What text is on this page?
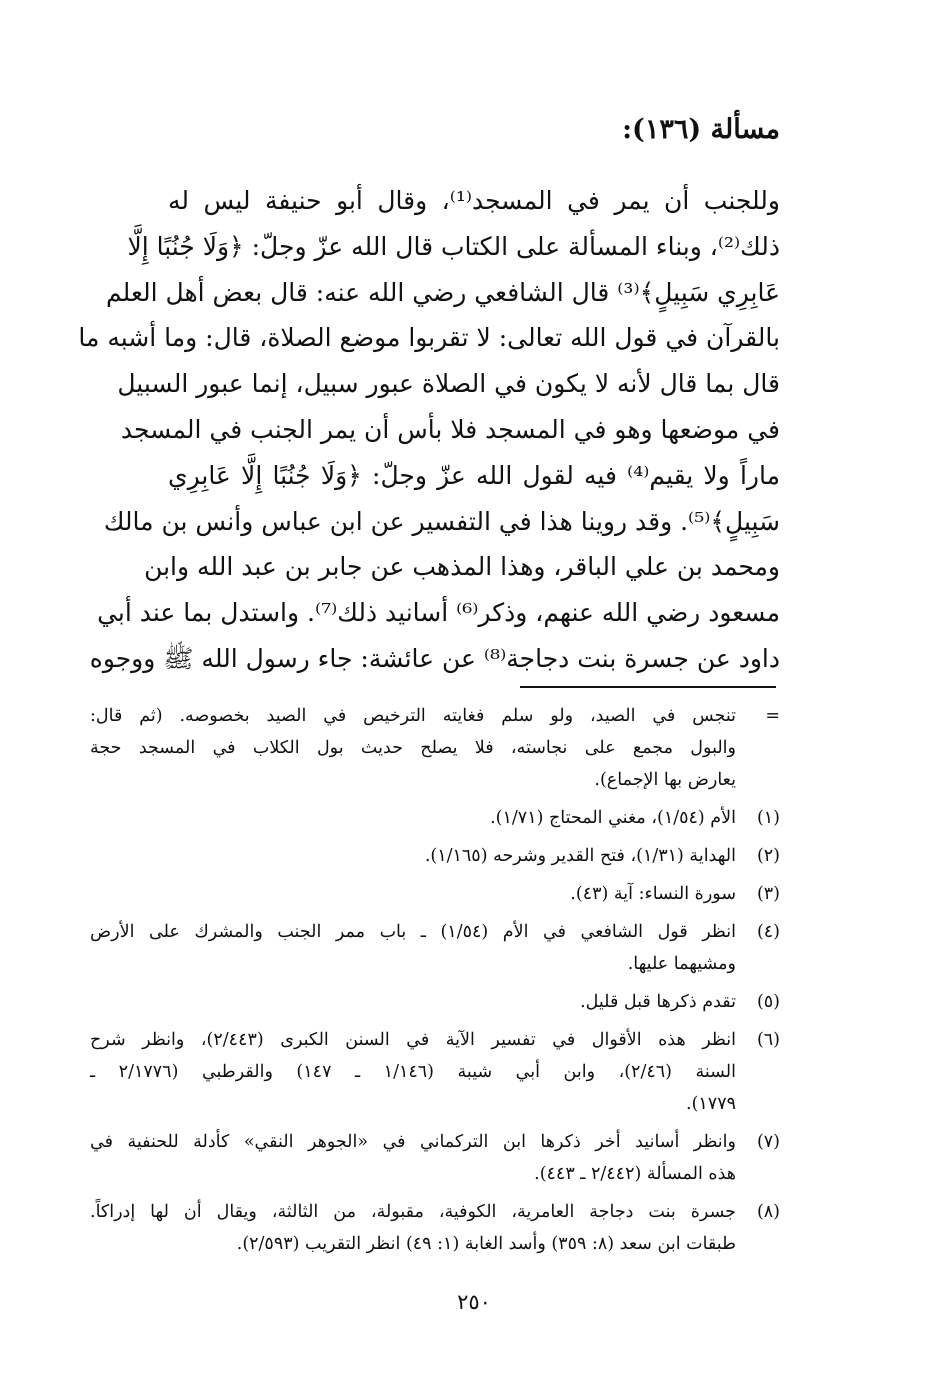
مسألة (١٣٦):
وللجنب أن يمر في المسجد⁽¹⁾، وقال أبو حنيفة ليس له
ذلك⁽²⁾، وبناء المسألة على الكتاب قال الله عزّ وجلّ: ﴿وَلَا جُنُبًا إِلَّا
عَابِرِي سَبِيلٍ﴾⁽³⁾ قال الشافعي رضي الله عنه: قال بعض أهل العلم
بالقرآن في قول الله تعالى: لا تقربوا موضع الصلاة، قال: وما أشبه ما
قال بما قال لأنه لا يكون في الصلاة عبور سبيل، إنما عبور السبيل
في موضعها وهو في المسجد فلا بأس أن يمر الجنب في المسجد
ماراً ولا يقيم⁽⁴⁾ فيه لقول الله عزّ وجلّ: ﴿وَلَا جُنُبًا إِلَّا عَابِرِي
سَبِيلٍ﴾⁽⁵⁾. وقد روينا هذا في التفسير عن ابن عباس وأنس بن مالك
ومحمد بن علي الباقر، وهذا المذهب عن جابر بن عبد الله وابن
مسعود رضي الله عنهم، وذكر⁽⁶⁾ أسانيد ذلك⁽⁷⁾. واستدل بما عند أبي
داود عن جسرة بنت دجاجة⁽⁸⁾ عن عائشة: جاء رسول الله ﷺ ووجوه
=
تنجس في الصيد، ولو سلم فغايته الترخيص في الصيد بخصوصه. (ثم قال:
والبول مجمع على نجاسته، فلا يصلح حديث بول الكلاب في المسجد حجة
يعارض بها الإجماع).
(١)
الأم (١/٥٤)، مغني المحتاج (١/٧١).
(٢)
الهداية (١/٣١)، فتح القدير وشرحه (١/١٦٥).
(٣)
سورة النساء: آية (٤٣).
(٤)
انظر قول الشافعي في الأم (١/٥٤) ـ باب ممر الجنب والمشرك على الأرض
ومشيهما عليها.
(٥)
تقدم ذكرها قبل قليل.
(٦)
انظر هذه الأقوال في تفسير الآية في السنن الكبرى (٢/٤٤٣)، وانظر شرح
السنة (٢/٤٦)، وابن أبي شيبة (١/١٤٦ ـ ١٤٧) والقرطبي (٢/١٧٧٦ ـ
١٧٧٩).
(٧)
وانظر أسانيد أخر ذكرها ابن التركماني في «الجوهر النقي» كأدلة للحنفية في
هذه المسألة (٢/٤٤٢ ـ ٤٤٣).
(٨)
جسرة بنت دجاجة العامرية، الكوفية، مقبولة، من الثالثة، ويقال أن لها إدراكاً.
طبقات ابن سعد (٨: ٣٥٩) وأسد الغابة (١: ٤٩) انظر التقريب (٢/٥٩٣).
٢٥٠
